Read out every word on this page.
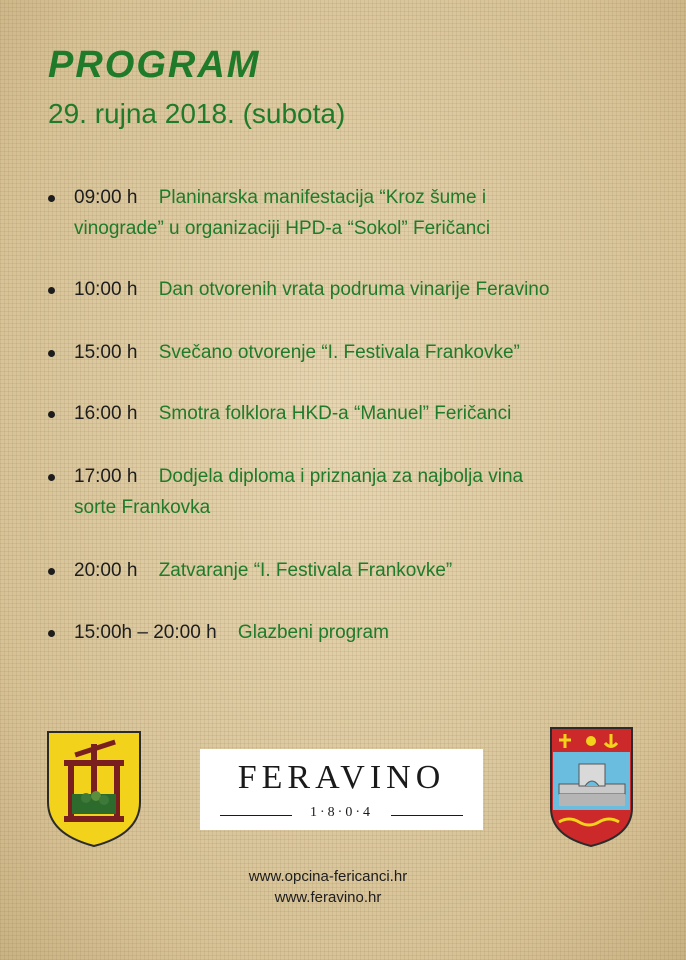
PROGRAM
29. rujna 2018. (subota)
09:00 h Planinarska manifestacija “Kroz šume i
vinograde” u organizaciji HPD-a “Sokol” Feričanci
10:00 h Dan otvorenih vrata podruma vinarije Feravino
15:00 h Svečano otvorenje “I. Festivala Frankovke”
16:00 h Smotra folklora HKD-a “Manuel” Feričanci
17:00 h Dodjela diploma i priznanja za najbolja vina
sorte Frankovka
20:00 h Zatvaranje “I. Festivala Frankovke”
15:00h – 20:00 h Glazbeni program
FERAVINO
1·8·0·4
www.opcina-fericanci.hr
www.feravino.hr
